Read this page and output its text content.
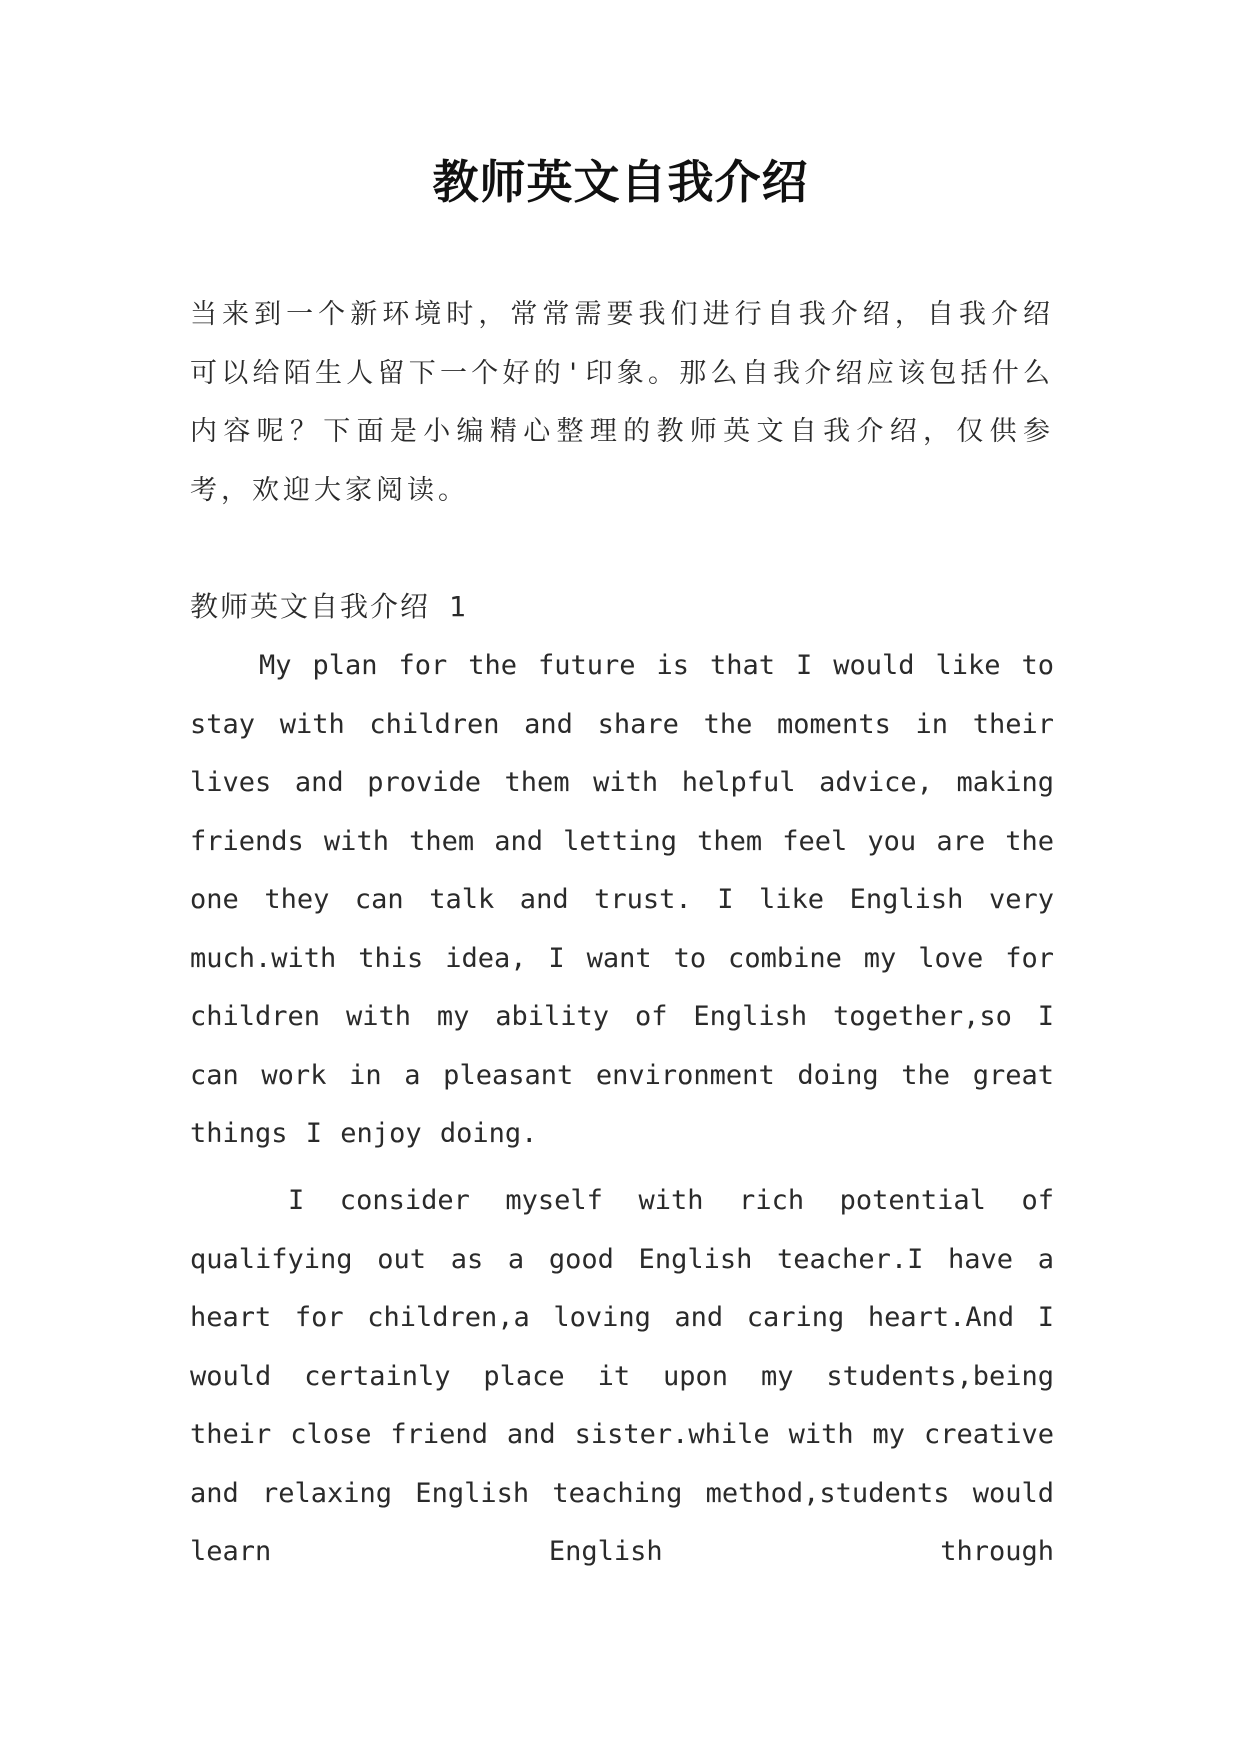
教师英文自我介绍
当来到一个新环境时，常常需要我们进行自我介绍，自我介绍可以给陌生人留下一个好的'印象。那么自我介绍应该包括什么内容呢？下面是小编精心整理的教师英文自我介绍，仅供参考，欢迎大家阅读。
教师英文自我介绍 1
My plan for the future is that I would like to stay with children and share the moments in their lives and provide them with helpful advice, making friends with them and letting them feel you are the one they can talk and trust. I like English very much.with this idea, I want to combine my love for children with my ability of English together,so I can work in a pleasant environment doing the great things I enjoy doing.
I consider myself with rich potential of qualifying out as a good English teacher.I have a heart for children,a loving and caring heart.And I would certainly place it upon my students,being their close friend and sister.while with my creative and relaxing English teaching method,students would learn English through
